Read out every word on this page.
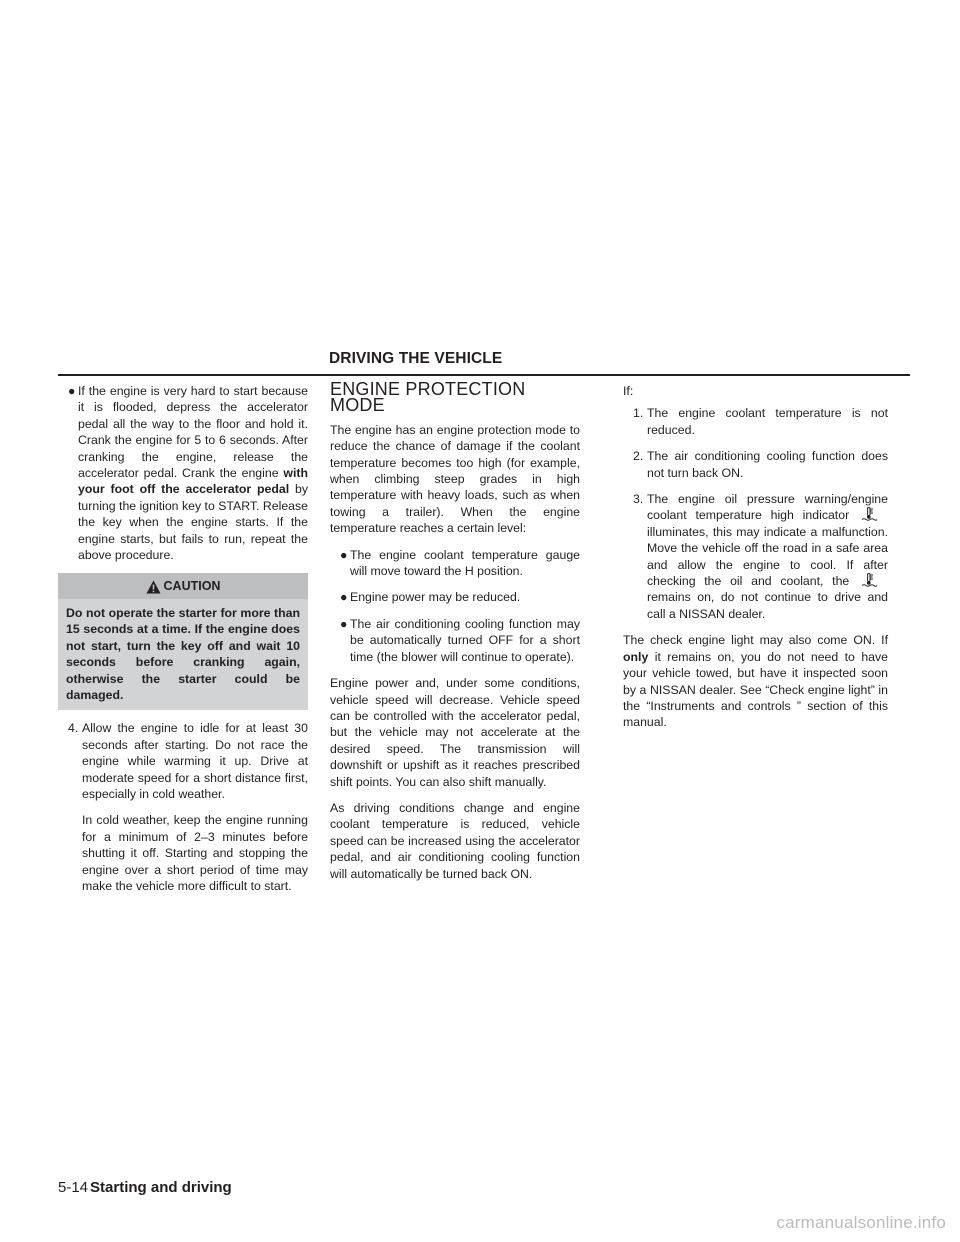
DRIVING THE VEHICLE
● If the engine is very hard to start because it is flooded, depress the accelerator pedal all the way to the floor and hold it. Crank the engine for 5 to 6 seconds. After cranking the engine, release the accelerator pedal. Crank the engine with your foot off the accelerator pedal by turning the ignition key to START. Release the key when the engine starts. If the engine starts, but fails to run, repeat the above procedure.
CAUTION
Do not operate the starter for more than 15 seconds at a time. If the engine does not start, turn the key off and wait 10 seconds before cranking again, otherwise the starter could be damaged.
4. Allow the engine to idle for at least 30 seconds after starting. Do not race the engine while warming it up. Drive at moderate speed for a short distance first, especially in cold weather.

In cold weather, keep the engine running for a minimum of 2–3 minutes before shutting it off. Starting and stopping the engine over a short period of time may make the vehicle more difficult to start.

ENGINE PROTECTION MODE

The engine has an engine protection mode to reduce the chance of damage if the coolant temperature becomes too high (for example, when climbing steep grades in high temperature with heavy loads, such as when towing a trailer). When the engine temperature reaches a certain level:

● The engine coolant temperature gauge will move toward the H position.
● Engine power may be reduced.
● The air conditioning cooling function may be automatically turned OFF for a short time (the blower will continue to operate).

Engine power and, under some conditions, vehicle speed will decrease. Vehicle speed can be controlled with the accelerator pedal, but the vehicle may not accelerate at the desired speed. The transmission will downshift or upshift as it reaches prescribed shift points. You can also shift manually.

As driving conditions change and engine coolant temperature is reduced, vehicle speed can be increased using the accelerator pedal, and air conditioning cooling function will automatically be turned back ON.

If:

1. The engine coolant temperature is not reduced.
2. The air conditioning cooling function does not turn back ON.
3. The engine oil pressure warning/engine coolant temperature high indicator  illuminates, this may indicate a malfunction. Move the vehicle off the road in a safe area and allow the engine to cool. If after checking the oil and coolant, the  remains on, do not continue to drive and call a NISSAN dealer.

The check engine light may also come ON. If only it remains on, you do not need to have your vehicle towed, but have it inspected soon by a NISSAN dealer. See “Check engine light” in the “Instruments and controls ” section of this manual.

5-14 Starting and driving
carmanualsonline.info
